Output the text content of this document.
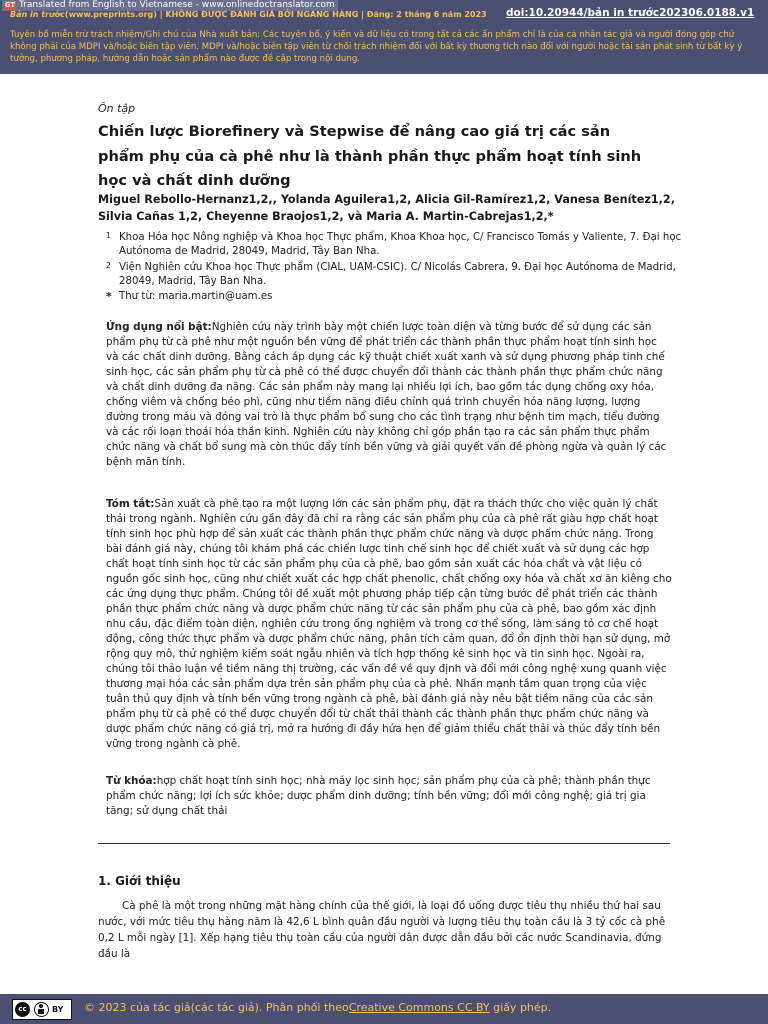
GT Translated from English to Vietnamese - www.onlinedoctranslator.com
Bản in trước(www.preprints.org) | KHÔNG ĐƯỢC ĐÁNH GIÁ BỞI NGANG HÀNG | Đăng: 2 tháng 6 năm 2023 doi:10.20944/bản in trước202306.0188.v1
Tuyên bố miễn trừ trách nhiệm/Ghi chú của Nhà xuất bản: Các tuyên bố, ý kiến và dữ liệu có trong tất cả các ấn phẩm chỉ là của cá nhân tác giả và người đóng góp chứ không phải của MDPI và/hoặc biên tập viên. MDPI và/hoặc biên tập viên từ chối trách nhiệm đối với bất kỳ thương tích nào đối với người hoặc tài sản phát sinh từ bất kỳ ý tưởng, phương pháp, hướng dẫn hoặc sản phẩm nào được đề cập trong nội dung.
Ôn tập
Chiến lược Biorefinery và Stepwise để nâng cao giá trị các sản phẩm phụ của cà phê như là thành phần thực phẩm hoạt tính sinh học và chất dinh dưỡng
Miguel Rebollo-Hernanz1,2,, Yolanda Aguilera1,2, Alicia Gil-Ramírez1,2, Vanesa Benítez1,2, Silvia Cañas 1,2, Cheyenne Braojos1,2, và Maria A. Martin-Cabrejas1,2,*
1 Khoa Hóa học Nông nghiệp và Khoa học Thực phẩm, Khoa Khoa học, C/ Francisco Tomás y Valiente, 7. Đại học Autónoma de Madrid, 28049, Madrid, Tây Ban Nha.
2 Viện Nghiên cứu Khoa học Thực phẩm (CIAL, UAM-CSIC). C/ Nicolás Cabrera, 9. Đại học Autónoma de Madrid, 28049, Madrid, Tây Ban Nha.
* Thư từ: maria.martin@uam.es
Ứng dụng nổi bật:Nghiên cứu này trình bày một chiến lược toàn diện và từng bước để sử dụng các sản phẩm phụ từ cà phê như một nguồn bền vững để phát triển các thành phần thực phẩm hoạt tính sinh học và các chất dinh dưỡng. Bằng cách áp dụng các kỹ thuật chiết xuất xanh và sử dụng phương pháp tinh chế sinh học, các sản phẩm phụ từ cà phê có thể được chuyển đổi thành các thành phần thực phẩm chức năng và chất dinh dưỡng đa năng. Các sản phẩm này mang lại nhiều lợi ích, bao gồm tác dụng chống oxy hóa, chống viêm và chống béo phì, cũng như tiềm năng điều chỉnh quá trình chuyển hóa năng lượng, lượng đường trong máu và đóng vai trò là thực phẩm bổ sung cho các tình trạng như bệnh tim mạch, tiểu đường và các rối loạn thoái hóa thần kinh. Nghiên cứu này không chỉ góp phần tạo ra các sản phẩm thực phẩm chức năng và chất bổ sung mà còn thúc đẩy tính bền vững và giải quyết vấn đề phòng ngừa và quản lý các bệnh mãn tính.
Tóm tắt:Sản xuất cà phê tạo ra một lượng lớn các sản phẩm phụ, đặt ra thách thức cho việc quản lý chất thải trong ngành. Nghiên cứu gần đây đã chỉ ra rằng các sản phẩm phụ của cà phê rất giàu hợp chất hoạt tính sinh học phù hợp để sản xuất các thành phần thực phẩm chức năng và dược phẩm chức năng. Trong bài đánh giá này, chúng tôi khám phá các chiến lược tinh chế sinh học để chiết xuất và sử dụng các hợp chất hoạt tính sinh học từ các sản phẩm phụ của cà phê, bao gồm sản xuất các hóa chất và vật liệu có nguồn gốc sinh học, cũng như chiết xuất các hợp chất phenolic, chất chống oxy hóa và chất xơ ăn kiêng cho các ứng dụng thực phẩm. Chúng tôi đề xuất một phương pháp tiếp cận từng bước để phát triển các thành phần thực phẩm chức năng và dược phẩm chức năng từ các sản phẩm phụ của cà phê, bao gồm xác định nhu cầu, đặc điểm toàn diện, nghiên cứu trong ống nghiệm và trong cơ thể sống, làm sáng tỏ cơ chế hoạt động, công thức thực phẩm và dược phẩm chức năng, phân tích cảm quan, đổ ổn định thời hạn sử dụng, mở rộng quy mô, thử nghiệm kiểm soát ngẫu nhiên và tích hợp thống kê sinh học và tin sinh học. Ngoài ra, chúng tôi thảo luận về tiềm năng thị trường, các vấn đề về quy định và đổi mới công nghệ xung quanh việc thương mại hóa các sản phẩm dựa trên sản phẩm phụ của cà phê. Nhấn mạnh tầm quan trọng của việc tuân thủ quy định và tính bền vững trong ngành cà phê, bài đánh giá này nêu bật tiềm năng của các sản phẩm phụ từ cà phê có thể được chuyển đổi từ chất thải thành các thành phần thực phẩm chức năng và dược phẩm chức năng có giá trị, mở ra hướng đi đầy hứa hẹn để giảm thiểu chất thải và thúc đẩy tính bền vững trong ngành cà phê.
Từ khóa:hợp chất hoạt tính sinh học; nhà máy lọc sinh học; sản phẩm phụ của cà phê; thành phần thực phẩm chức năng; lợi ích sức khỏe; dược phẩm dinh dưỡng; tính bền vững; đổi mới công nghệ; giá trị gia tăng; sử dụng chất thải
1. Giới thiệu
Cà phê là một trong những mặt hàng chính của thế giới, là loại đồ uống được tiêu thụ nhiều thứ hai sau nước, với mức tiêu thụ hàng năm là 42,6 L bình quân đầu người và lượng tiêu thụ toàn cầu là 3 tỷ cốc cà phê 0,2 L mỗi ngày [1]. Xếp hạng tiêu thụ toàn cầu của người dân được dẫn đầu bởi các nước Scandinavia, đứng đầu là
cc	BY © 2023 của tác giả(các tác giả). Phân phối theoCreative Commons CC BY giấy phép.
